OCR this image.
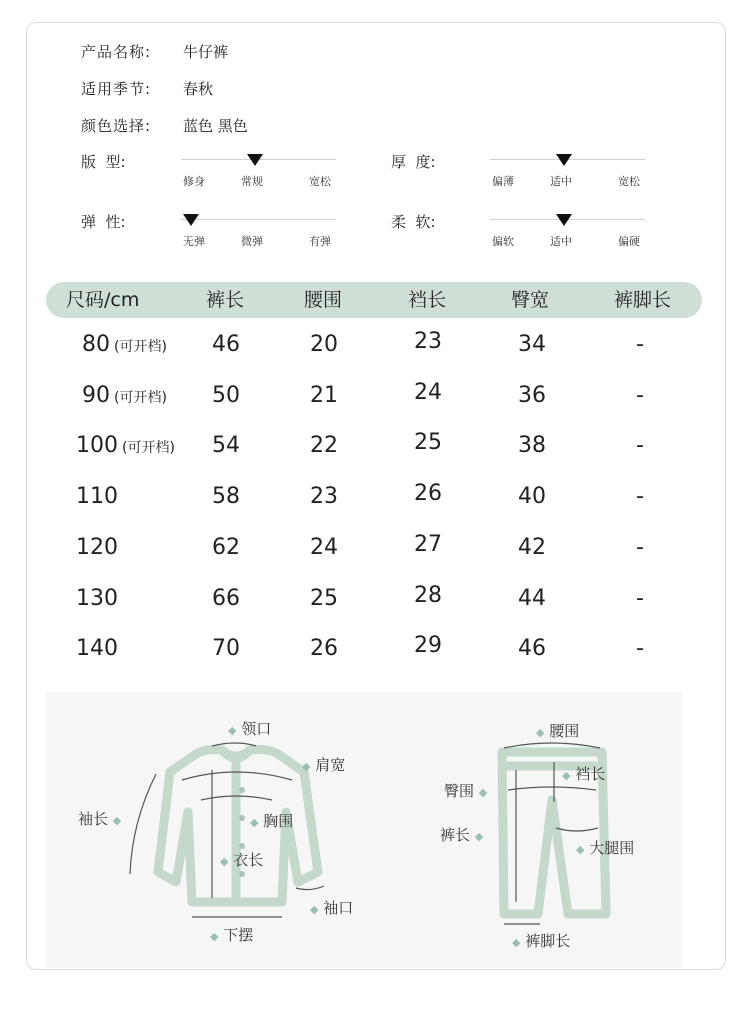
产品名称: 牛仔裤
适用季节: 春秋
颜色选择: 蓝色 黑色
版  型:
修身	常规	宽松
厚  度:
偏薄	适中	宽松
弹  性:
无弹	微弹	有弹
柔  软:
偏软	适中	偏硬
尺码/cm	裤长	腰围	裆长	臀宽	裤脚长
80 (可开档) 46	20	23	34	-
90 (可开档) 50	21	24	36	-
100 (可开档) 54	22	25	38	-
110	58	23	26	40	-
120	62	24	27	42	-
130	66	25	28	44	-
140	70	26	29	46	-
◆ 领口
◆ 肩宽
袖长 ◆	◆ 胸围
◆ 衣长
◆ 袖口
◆ 下摆
◆ 腰围
◆ 裆长
臀围 ◆
裤长 ◆
◆ 大腿围
◆ 裤脚长
